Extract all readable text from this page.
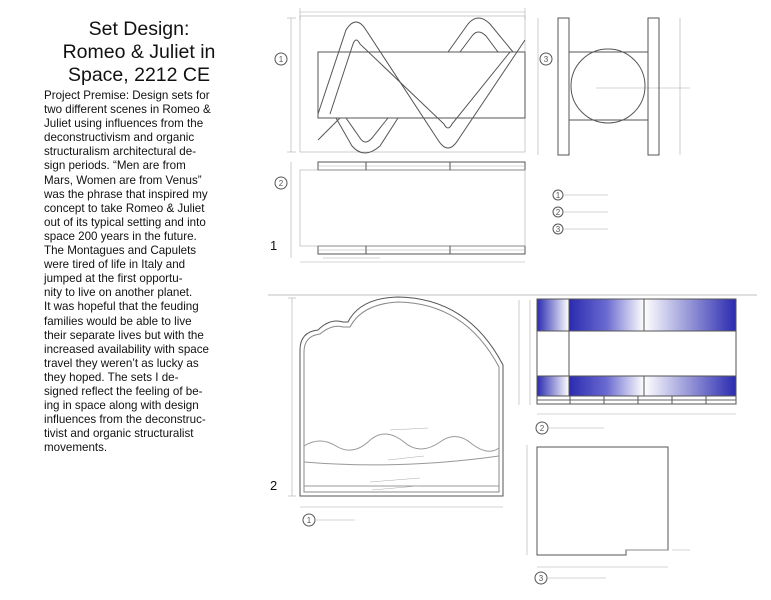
Set Design:
Romeo & Juliet in
Space, 2212 CE
Project Premise: Design sets for
two different scenes in Romeo &
Juliet using influences from the
deconstructivism and organic
structuralism architectural de-
sign periods. “Men are from
Mars, Women are from Venus”
was the phrase that inspired my
concept to take Romeo & Juliet
out of its typical setting and into
space 200 years in the future.
The Montagues and Capulets
were tired of life in Italy and
jumped at the first opportu-
nity to live on another planet.
It was hopeful that the feuding
families would be able to live
their separate lives but with the
increased availability with space
travel they weren’t as lucky as
they hoped. The sets I de-
signed reflect the feeling of be-
ing in space along with design
influences from the deconstruc-
tivist and organic structuralist
movements.
1
2
1
2
3
1
2
3
1
2
3
